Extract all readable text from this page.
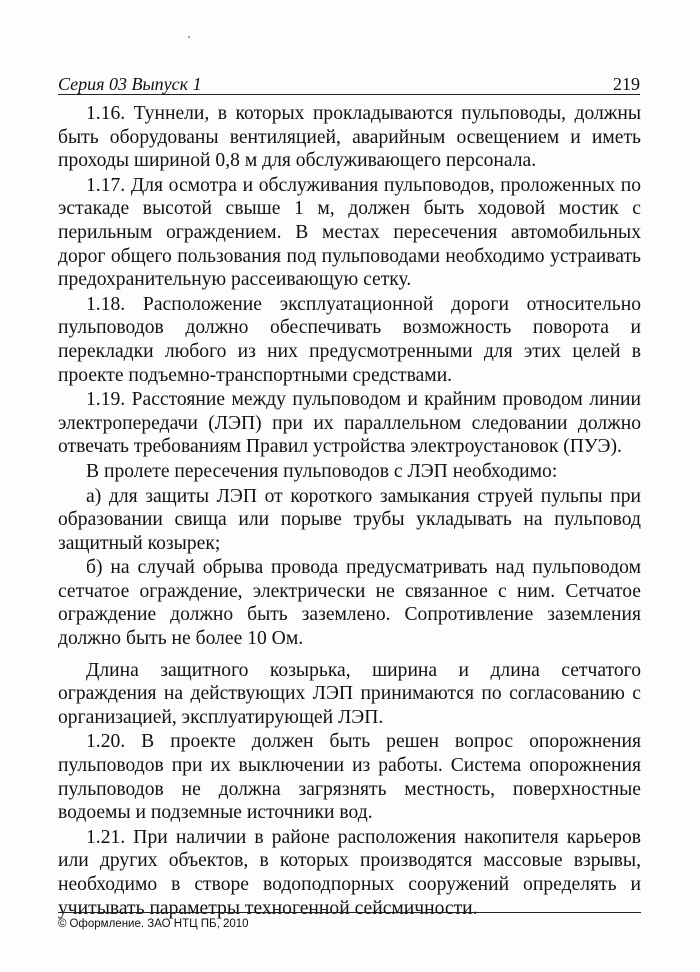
Серия 03 Выпуск 1	219

1.16. Туннели, в которых прокладываются пульповоды, должны быть оборудованы вентиляцией, аварийным освещением и иметь проходы шириной 0,8 м для обслуживающего персонала.

1.17. Для осмотра и обслуживания пульповодов, проложенных по эстакаде высотой свыше 1 м, должен быть ходовой мостик с перильным ограждением. В местах пересечения автомобильных дорог общего пользования под пульповодами необходимо устраивать предохранительную рассеивающую сетку.

1.18. Расположение эксплуатационной дороги относительно пульповодов должно обеспечивать возможность поворота и перекладки любого из них предусмотренными для этих целей в проекте подъемно-транспортными средствами.

1.19. Расстояние между пульповодом и крайним проводом линии электропередачи (ЛЭП) при их параллельном следовании должно отвечать требованиям Правил устройства электроустановок (ПУЭ).

В пролете пересечения пульповодов с ЛЭП необходимо:

а) для защиты ЛЭП от короткого замыкания струей пульпы при образовании свища или порыве трубы укладывать на пульповод защитный козырек;

б) на случай обрыва провода предусматривать над пульповодом сетчатое ограждение, электрически не связанное с ним. Сетчатое ограждение должно быть заземлено. Сопротивление заземления должно быть не более 10 Ом.

Длина защитного козырька, ширина и длина сетчатого ограждения на действующих ЛЭП принимаются по согласованию с организацией, эксплуатирующей ЛЭП.

1.20. В проекте должен быть решен вопрос опорожнения пульповодов при их выключении из работы. Система опорожнения пульповодов не должна загрязнять местность, поверхностные водоемы и подземные источники вод.

1.21. При наличии в районе расположения накопителя карьеров или других объектов, в которых производятся массовые взрывы, необходимо в створе водоподпорных сооружений определять и учитывать параметры техногенной сейсмичности.

© Оформление. ЗАО НТЦ ПБ, 2010
